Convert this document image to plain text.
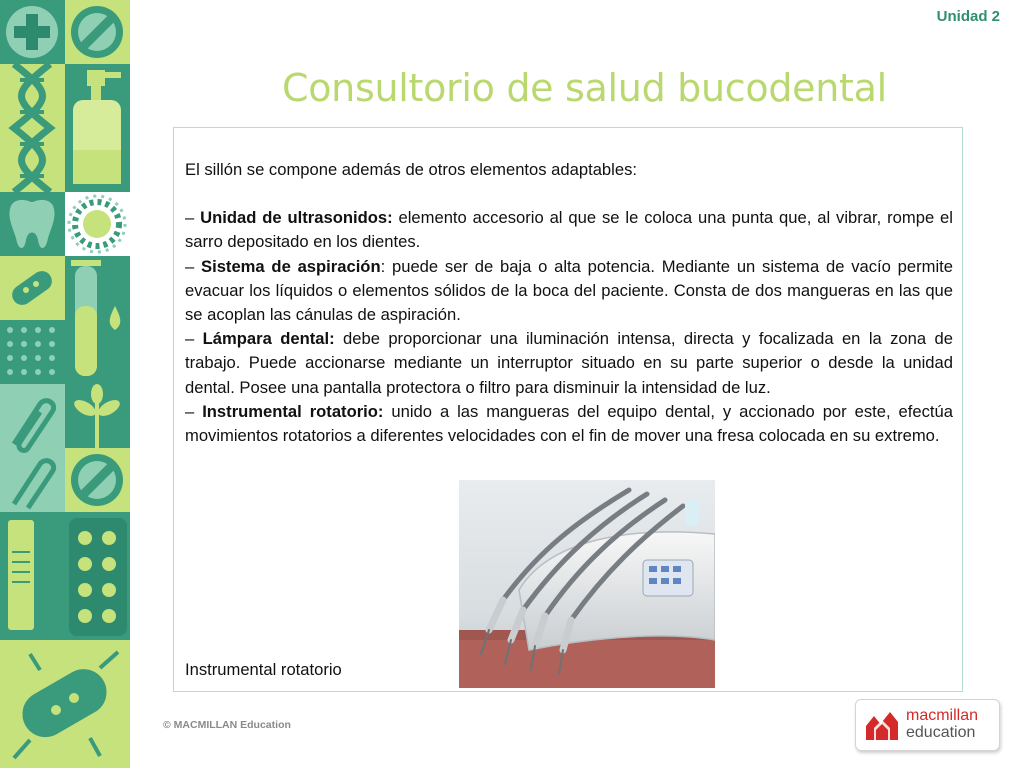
Unidad 2
Consultorio de salud bucodental

El sillón se compone además de otros elementos adaptables:

– Unidad de ultrasonidos: elemento accesorio al que se le coloca una punta que, al vibrar, rompe el sarro depositado en los dientes.

– Sistema de aspiración: puede ser de baja o alta potencia. Mediante un sistema de vacío permite evacuar los líquidos o elementos sólidos de la boca del paciente. Consta de dos mangueras en las que se acoplan las cánulas de aspiración.

– Lámpara dental: debe proporcionar una iluminación intensa, directa y focalizada en la zona de trabajo. Puede accionarse mediante un interruptor situado en su parte superior o desde la unidad dental. Posee una pantalla protectora o filtro para disminuir la intensidad de luz.

– Instrumental rotatorio: unido a las mangueras del equipo dental, y accionado por este, efectúa movimientos rotatorios a diferentes velocidades con el fin de mover una fresa colocada en su extremo.

Instrumental rotatorio
© MACMILLAN Education
macmillan
education
